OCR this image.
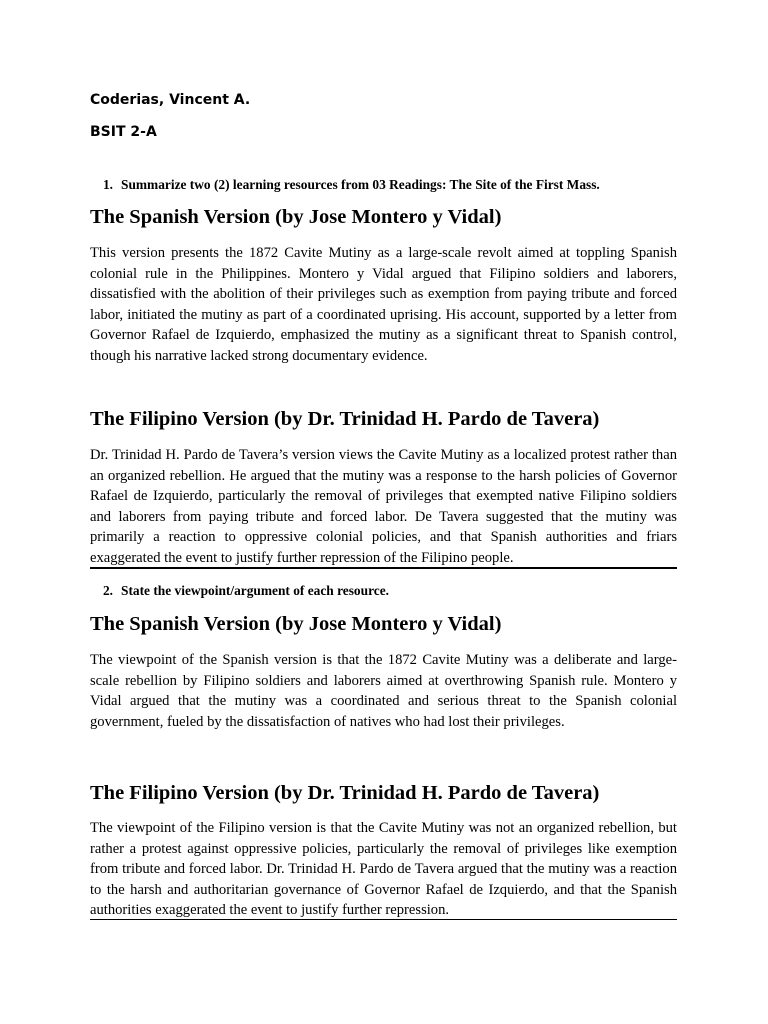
Coderias, Vincent A.
BSIT 2-A
1. Summarize two (2) learning resources from 03 Readings: The Site of the First Mass.
The Spanish Version (by Jose Montero y Vidal)

This version presents the 1872 Cavite Mutiny as a large-scale revolt aimed at toppling Spanish colonial rule in the Philippines. Montero y Vidal argued that Filipino soldiers and laborers, dissatisfied with the abolition of their privileges such as exemption from paying tribute and forced labor, initiated the mutiny as part of a coordinated uprising. His account, supported by a letter from Governor Rafael de Izquierdo, emphasized the mutiny as a significant threat to Spanish control, though his narrative lacked strong documentary evidence.

The Filipino Version (by Dr. Trinidad H. Pardo de Tavera)

Dr. Trinidad H. Pardo de Tavera’s version views the Cavite Mutiny as a localized protest rather than an organized rebellion. He argued that the mutiny was a response to the harsh policies of Governor Rafael de Izquierdo, particularly the removal of privileges that exempted native Filipino soldiers and laborers from paying tribute and forced labor. De Tavera suggested that the mutiny was primarily a reaction to oppressive colonial policies, and that Spanish authorities and friars exaggerated the event to justify further repression of the Filipino people.

2. State the viewpoint/argument of each resource.
The Spanish Version (by Jose Montero y Vidal)

The viewpoint of the Spanish version is that the 1872 Cavite Mutiny was a deliberate and large-scale rebellion by Filipino soldiers and laborers aimed at overthrowing Spanish rule. Montero y Vidal argued that the mutiny was a coordinated and serious threat to the Spanish colonial government, fueled by the dissatisfaction of natives who had lost their privileges.

The Filipino Version (by Dr. Trinidad H. Pardo de Tavera)

The viewpoint of the Filipino version is that the Cavite Mutiny was not an organized rebellion, but rather a protest against oppressive policies, particularly the removal of privileges like exemption from tribute and forced labor. Dr. Trinidad H. Pardo de Tavera argued that the mutiny was a reaction to the harsh and authoritarian governance of Governor Rafael de Izquierdo, and that the Spanish authorities exaggerated the event to justify further repression.
